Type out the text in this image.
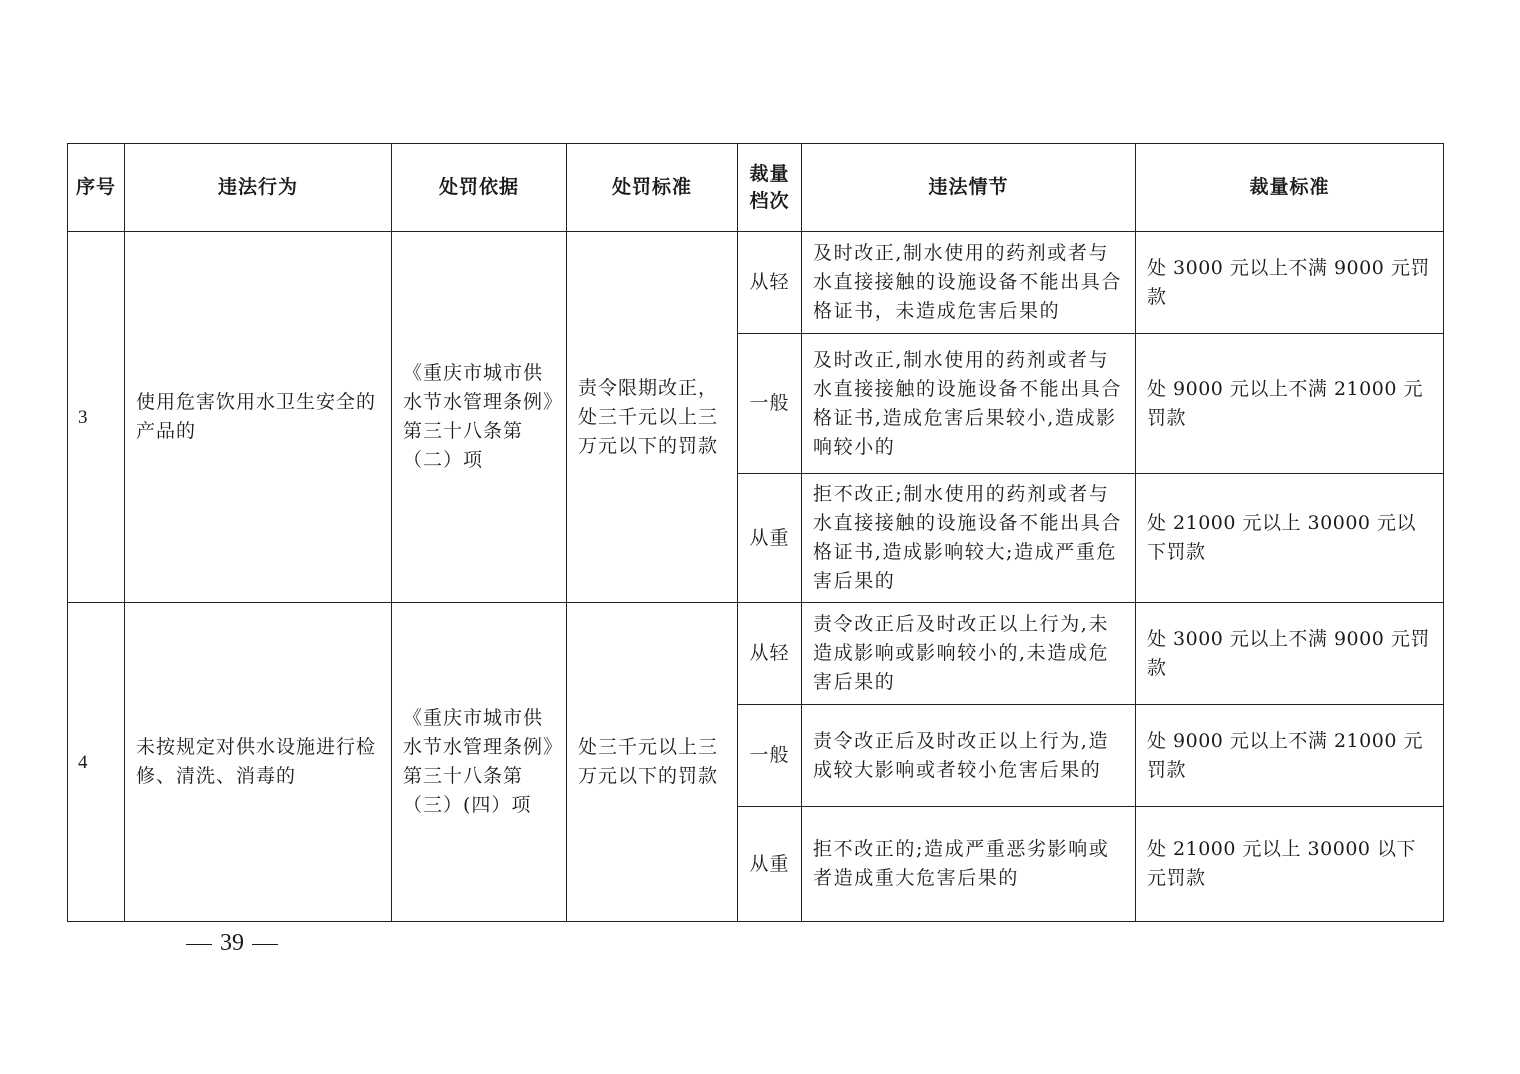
序号	违法行为	处罚依据	处罚标准	裁量档次	违法情节	裁量标准
3	使用危害饮用水卫生安全的产品的	《重庆市城市供水节水管理条例》第三十八条第（二）项	责令限期改正，处三千元以上三万元以下的罚款	从轻	及时改正,制水使用的药剂或者与水直接接触的设施设备不能出具合格证书，未造成危害后果的	处 3000 元以上不满 9000 元罚款
				一般	及时改正,制水使用的药剂或者与水直接接触的设施设备不能出具合格证书,造成危害后果较小,造成影响较小的	处 9000 元以上不满 21000 元罚款
				从重	拒不改正;制水使用的药剂或者与水直接接触的设施设备不能出具合格证书,造成影响较大;造成严重危害后果的	处 21000 元以上 30000 元以下罚款
4	未按规定对供水设施进行检修、清洗、消毒的	《重庆市城市供水节水管理条例》第三十八条第（三）(四）项	处三千元以上三万元以下的罚款	从轻	责令改正后及时改正以上行为,未造成影响或影响较小的,未造成危害后果的	处 3000 元以上不满 9000 元罚款
				一般	责令改正后及时改正以上行为,造成较大影响或者较小危害后果的	处 9000 元以上不满 21000 元罚款
				从重	拒不改正的;造成严重恶劣影响或者造成重大危害后果的	处 21000 元以上 30000 以下元罚款
39
